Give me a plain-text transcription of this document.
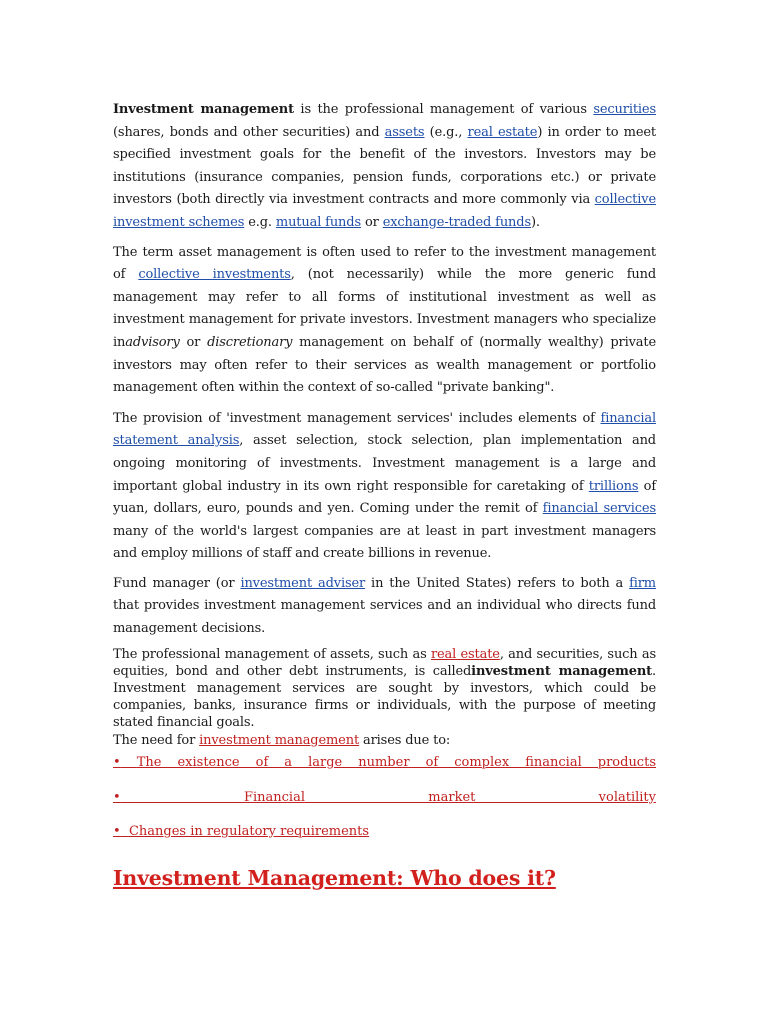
Investment management is the professional management of various securities (shares, bonds and other securities) and assets (e.g., real estate) in order to meet specified investment goals for the benefit of the investors. Investors may be institutions (insurance companies, pension funds, corporations etc.) or private investors (both directly via investment contracts and more commonly via collective investment schemes e.g. mutual funds or exchange-traded funds).

The term asset management is often used to refer to the investment management of collective investments, (not necessarily) while the more generic fund management may refer to all forms of institutional investment as well as investment management for private investors. Investment managers who specialize inadvisory or discretionary management on behalf of (normally wealthy) private investors may often refer to their services as wealth management or portfolio management often within the context of so-called "private banking".

The provision of 'investment management services' includes elements of financial statement analysis, asset selection, stock selection, plan implementation and ongoing monitoring of investments. Investment management is a large and important global industry in its own right responsible for caretaking of trillions of yuan, dollars, euro, pounds and yen. Coming under the remit of financial services many of the world's largest companies are at least in part investment managers and employ millions of staff and create billions in revenue.

Fund manager (or investment adviser in the United States) refers to both a firm that provides investment management services and an individual who directs fund management decisions.

The professional management of assets, such as real estate, and securities, such as equities, bond and other debt instruments, is calledinvestment management. Investment management services are sought by investors, which could be companies, banks, insurance firms or individuals, with the purpose of meeting stated financial goals.

The need for investment management arises due to:

• The existence of a large number of complex financial products
•	Financial market volatility
• Changes in regulatory requirements
Investment Management: Who does it?
